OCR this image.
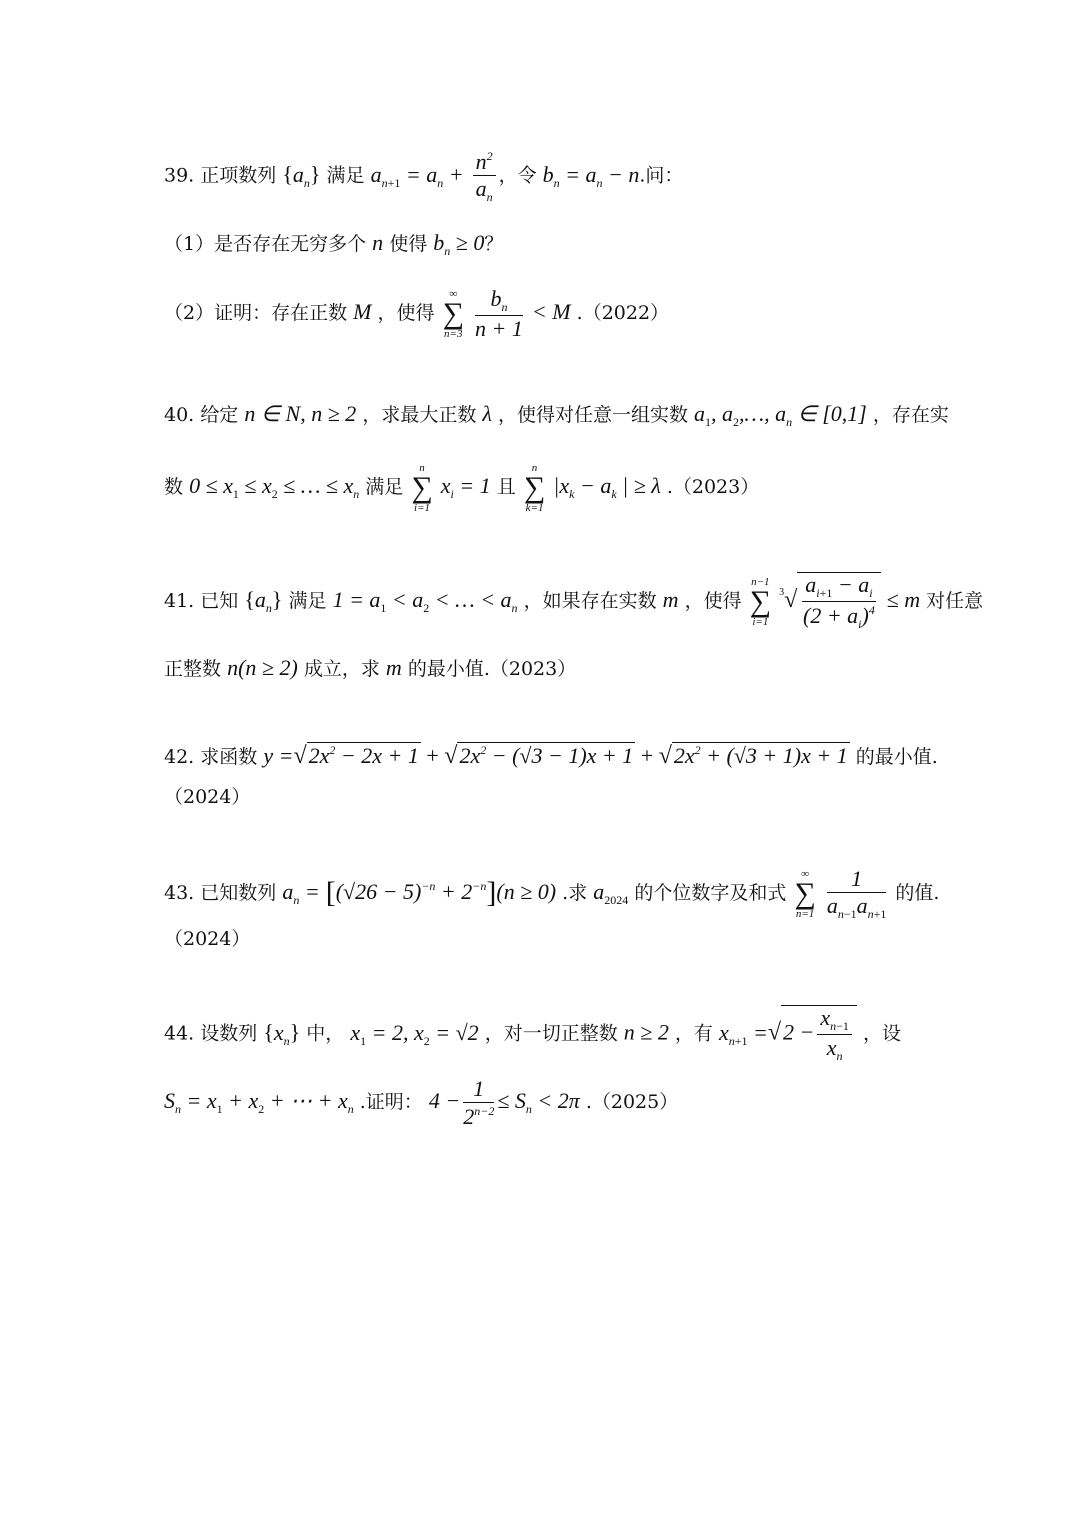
39. 正项数列 $\{a_n\}$ 满足 $a_{n+1} = a_n + \frac{n^2}{a_n}$ ，令 $b_n = a_n - n$.问：
（1）是否存在无穷多个 n 使得 $b_n \ge 0$？
（2）证明：存在正数 M ，使得
∞
∑
n=3
$\frac{b_n}{n + 1} < M$ .（2022）
40. 给定 n ∈ N, n ≥ 2 ，求最大正数 λ ，使得对任意一组实数 $a_1$, $a_2,\dots$, $a_n$ ∈ [0,1] ，存在实
数 $0 \le x_1 \le x_2$ ≤ … ≤ $x_n$ 满足
n
∑
i=1
$x_i = 1$ 且
n
∑
k=1
$|x_k - a_k$ | ≥ λ .（2023）
41. 已知 $\{a_n\}$ 满足 $1 = a_1 < a_2$ < … < $a_n$ ，如果存在实数 m ，使得
n−1
∑
i=1
$^3√ \frac{a_{i+1} - a_i}{(2 + a_i)^4} \le m$ 对任意
正整数 n(n ≥ 2) 成立，求 m 的最小值.（2023）
42. 求函数 $y =√2x^2 - 2x + 1 + √2x^2 - (√3 - 1)x + 1 + √2x^2 + (√3 + 1)x + 1$ 的最小值.
（2024）
43. 已知数列 $a_n = [(√26 - 5)^{-n} + 2^{-n}](n \ge 0)$ .求 $a_{2024}$ 的个位数字及和式
∞
∑
n=1
$\frac{1}{a_{n-1}a_{n+1}}$ 的值.
（2024）
44. 设数列 $\{x_n\}$ 中， $x_1 = 2$, $x_2 = √2$ ，对一切正整数 n ≥ 2 ，有 $x_{n+1} =√2 - \frac{x_{n-1}}{x_n}$ ，设
$S_n = x_1 + x_2$ + ⋯ + $x_n$ .证明： $4 - \frac{1}{2^{n-2}} \le S_n < 2\pi$ .（2025）
